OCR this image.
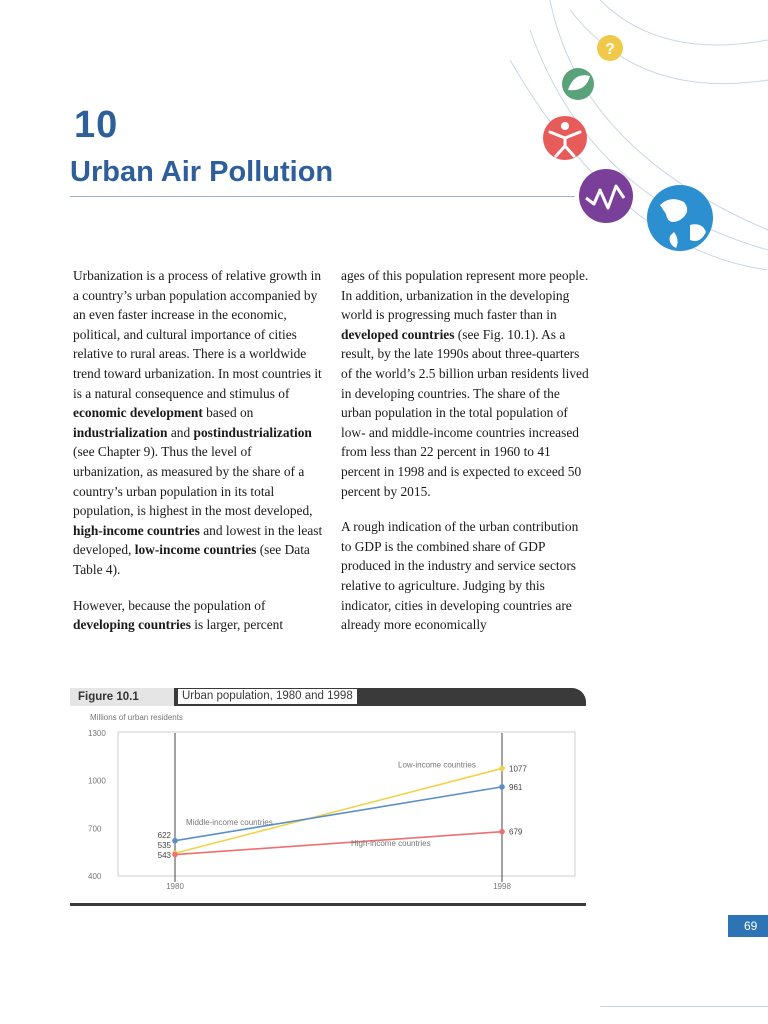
10
Urban Air Pollution
?

Urbanization is a process of relative growth in a country’s urban population accompanied by an even faster increase in the economic, political, and cultural importance of cities relative to rural areas. There is a worldwide trend toward urbanization. In most countries it is a natural consequence and stimulus of economic development based on industrialization and postindustrialization (see Chapter 9). Thus the level of urbanization, as measured by the share of a country’s urban population in its total population, is highest in the most developed, high-income countries and lowest in the least developed, low-income countries (see Data Table 4).

However, because the population of developing countries is larger, percent

ages of this population represent more people. In addition, urbanization in the developing world is progressing much faster than in developed countries (see Fig. 10.1). As a result, by the late 1990s about three-quarters of the world’s 2.5 billion urban residents lived in developing countries. The share of the urban population in the total population of low- and middle-income countries increased from less than 22 percent in 1960 to 41 percent in 1998 and is expected to exceed 50 percent by 2015.

A rough indication of the urban contribution to GDP is the combined share of GDP produced in the industry and service sectors relative to agriculture. Judging by this indicator, cities in developing countries are already more economically

Figure 10.1	Urban population, 1980 and 1998
Millions of urban residents
400
700
1000
1300
1980	1998
622
535
543
1077
961
679
Low-income countries
Middle-income countries
High-income countries
69
